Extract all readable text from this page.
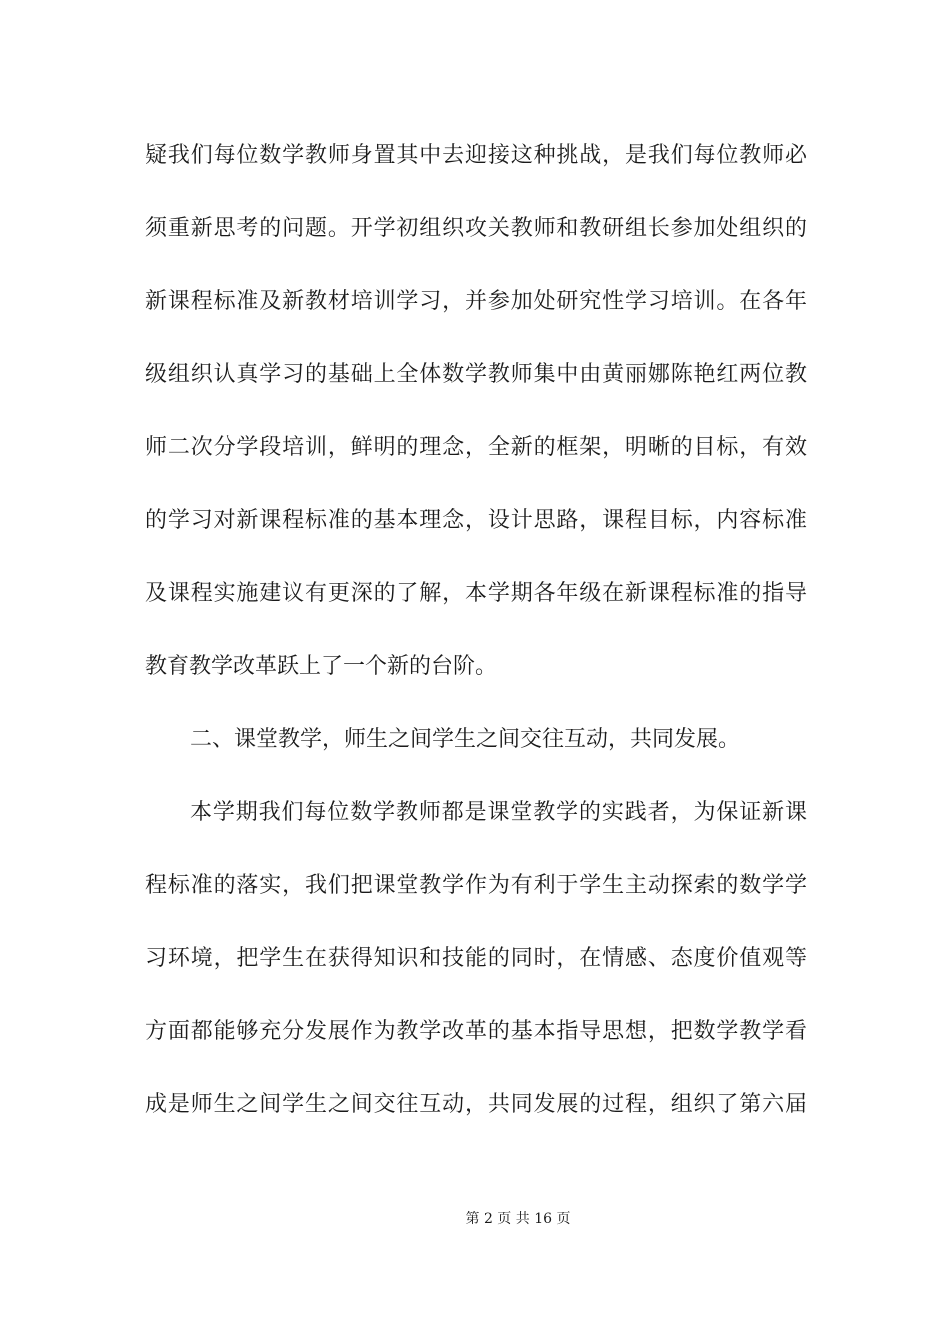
疑我们每位数学教师身置其中去迎接这种挑战，是我们每位教师必
须重新思考的问题。开学初组织攻关教师和教研组长参加处组织的
新课程标准及新教材培训学习，并参加处研究性学习培训。在各年
级组织认真学习的基础上全体数学教师集中由黄丽娜陈艳红两位教
师二次分学段培训，鲜明的理念，全新的框架，明晰的目标，有效
的学习对新课程标准的基本理念，设计思路，课程目标，内容标准
及课程实施建议有更深的了解，本学期各年级在新课程标准的指导
教育教学改革跃上了一个新的台阶。
二、课堂教学，师生之间学生之间交往互动，共同发展。
本学期我们每位数学教师都是课堂教学的实践者，为保证新课
程标准的落实，我们把课堂教学作为有利于学生主动探索的数学学
习环境，把学生在获得知识和技能的同时，在情感、态度价值观等
方面都能够充分发展作为教学改革的基本指导思想，把数学教学看
成是师生之间学生之间交往互动，共同发展的过程，组织了第六届
第 2 页 共 16 页
